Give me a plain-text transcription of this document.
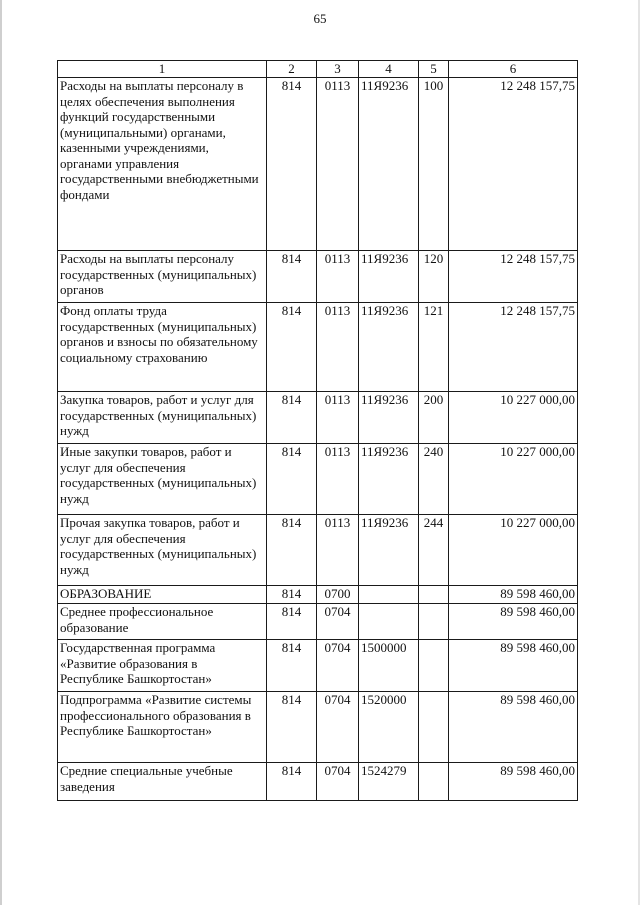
65
1	2	3	4	5	6
Расходы на выплаты персоналу в целях обеспечения выполнения функций государственными (муниципальными) органами, казенными учреждениями, органами управления государственными внебюджетными фондами	814	0113	11Я9236	100	12 248 157,75
Расходы на выплаты персоналу государственных (муниципальных) органов	814	0113	11Я9236	120	12 248 157,75
Фонд оплаты труда государственных (муниципальных) органов и взносы по обязательному социальному страхованию	814	0113	11Я9236	121	12 248 157,75
Закупка товаров, работ и услуг для государственных (муниципальных) нужд	814	0113	11Я9236	200	10 227 000,00
Иные закупки товаров, работ и услуг для обеспечения государственных (муниципальных) нужд	814	0113	11Я9236	240	10 227 000,00
Прочая закупка товаров, работ и услуг для обеспечения государственных (муниципальных) нужд	814	0113	11Я9236	244	10 227 000,00
ОБРАЗОВАНИЕ	814	0700			89 598 460,00
Среднее профессиональное образование	814	0704			89 598 460,00
Государственная программа «Развитие образования в Республике Башкортостан»	814	0704	1500000		89 598 460,00
Подпрограмма «Развитие системы профессионального образования в Республике Башкортостан»	814	0704	1520000		89 598 460,00
Средние специальные учебные заведения	814	0704	1524279		89 598 460,00
